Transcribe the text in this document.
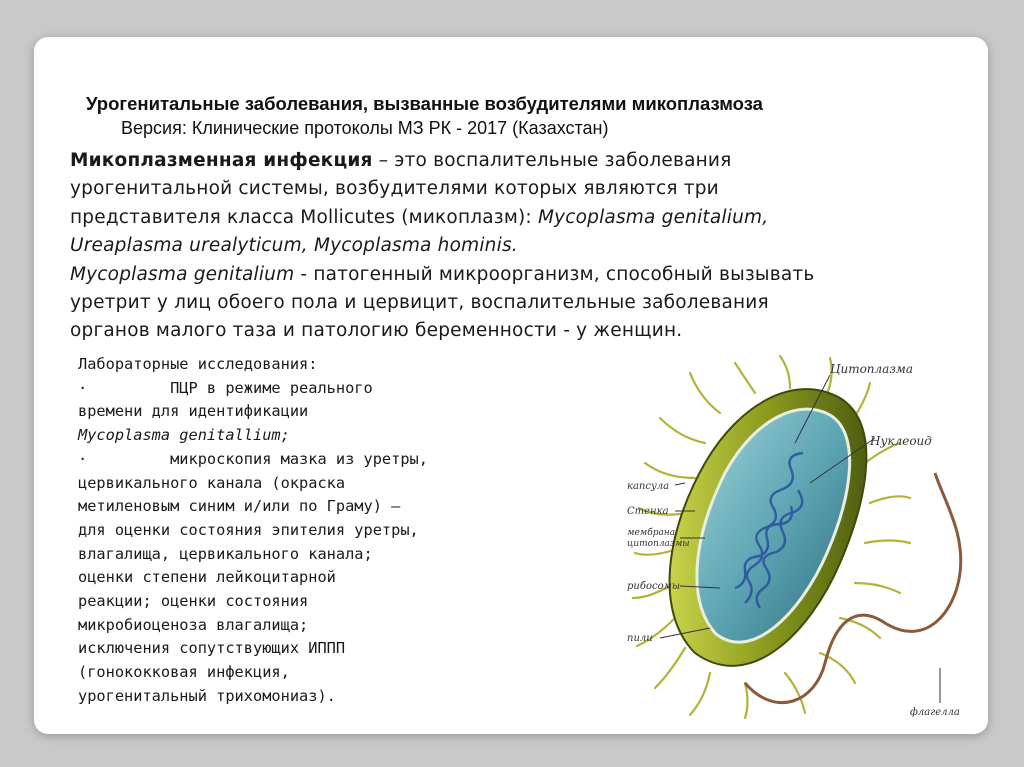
Урогенитальные заболевания, вызванные возбудителями микоплазмоза
Версия: Клинические протоколы МЗ РК - 2017 (Казахстан)
Микоплазменная инфекция – это воспалительные заболевания
урогенитальной системы, возбудителями которых являются три
представителя класса Mollicutes (микоплазм): Mycoplasma genitalium,
Ureaplasma urealyticum, Mycoplasma hominis.
Mycoplasma genitalium - патогенный микроорганизм, способный вызывать
уретрит у лиц обоего пола и цервицит, воспалительные заболевания
органов малого таза и патологию беременности - у женщин.
Лабораторные исследования:
·         ПЦР в режиме реального
времени для идентификации
Mycoplasma genitallium;
·         микроскопия мазка из уретры,
цервикального канала (окраска
метиленовым синим и/или по Граму) –
для оценки состояния эпителия уретры,
влагалища, цервикального канала;
оценки степени лейкоцитарной
реакции; оценки состояния
микробиоценоза влагалища;
исключения сопутствующих ИППП
(гонококковая инфекция,
урогенитальный трихомониаз).
Цитоплазма
Нуклеоид
капсула
Стенка
мембрана
цитоплазмы
рибосомы
пили
флагелла
